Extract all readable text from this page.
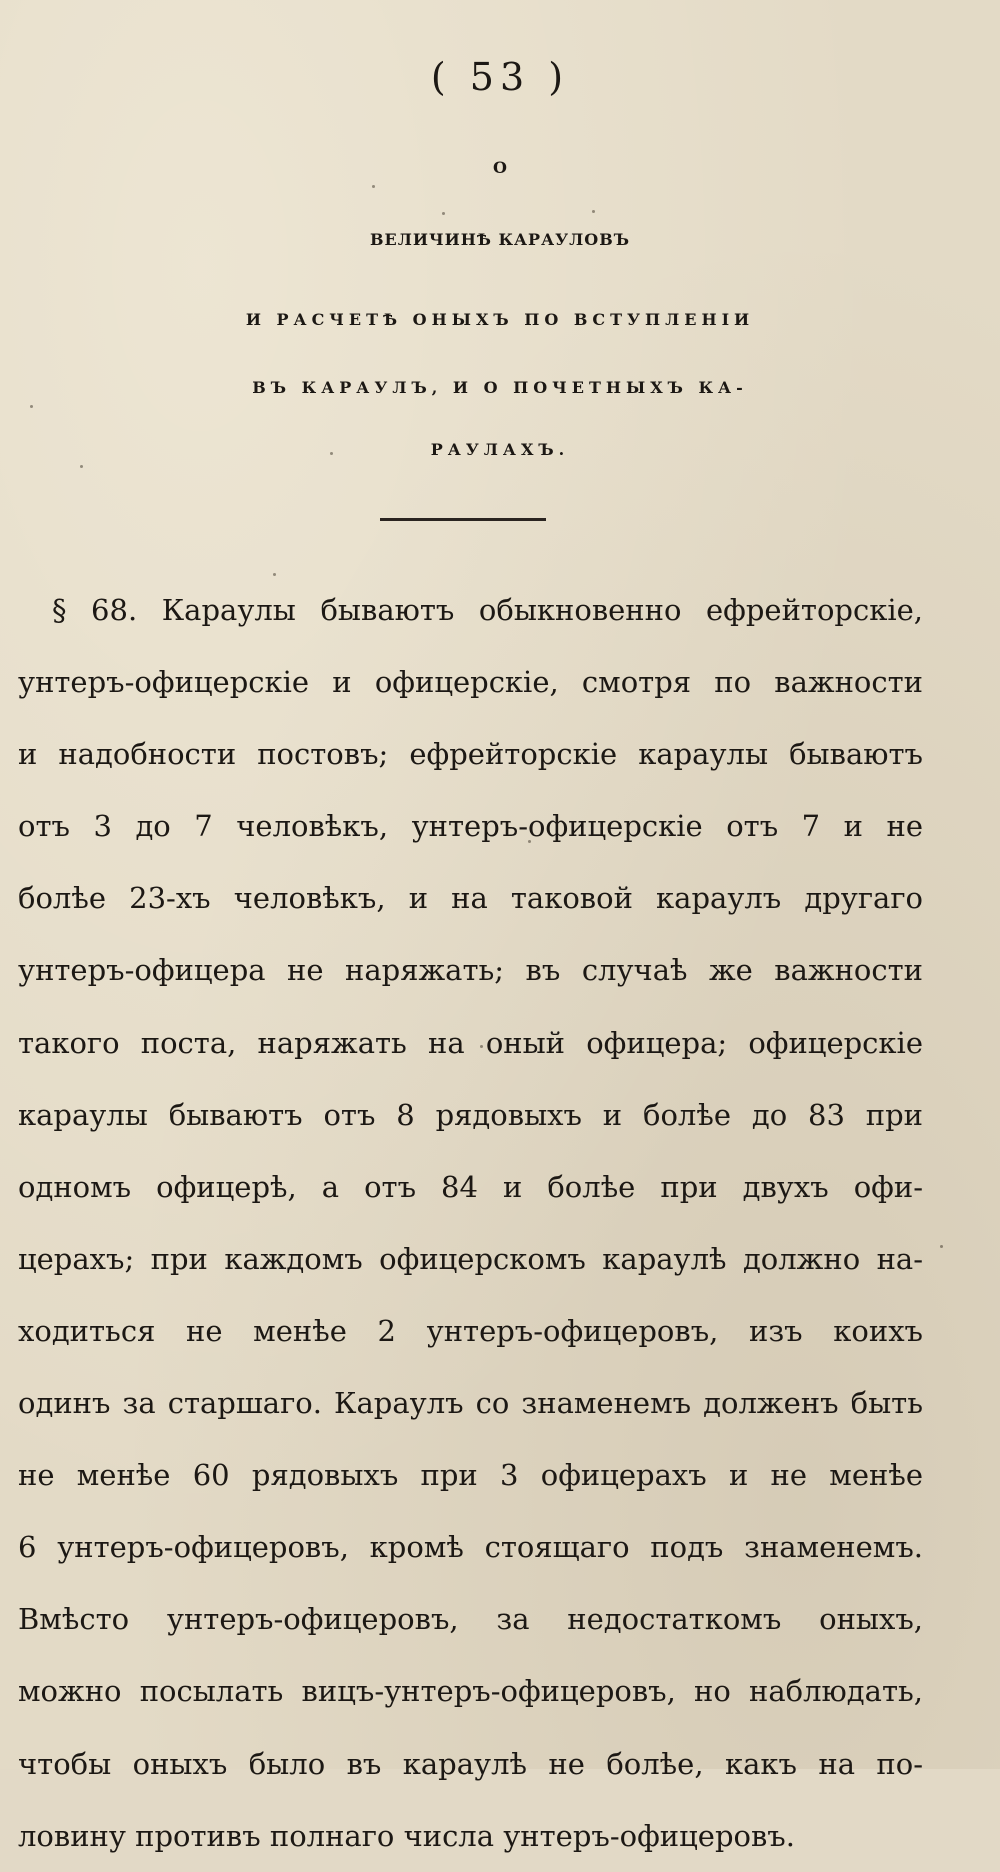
( 53 )
О
ВЕЛИЧИНѢ КАРАУЛОВЪ
И РАСЧЕТѢ ОНЫХЪ ПО ВСТУПЛЕНІИ
ВЪ КАРАУЛЪ, И О ПОЧЕТНЫХЪ КА-
РАУЛАХЪ.
§ 68. Караулы бываютъ обыкновенно ефрейторскіе,
унтеръ-офицерскіе и офицерскіе, смотря по важности
и надобности постовъ; ефрейторскіе караулы бываютъ
отъ 3 до 7 человѣкъ, унтеръ-офицерскіе отъ 7 и не
болѣе 23-хъ человѣкъ, и на таковой караулъ другаго
унтеръ-офицера не наряжать; въ случаѣ же важности
такого поста, наряжать на оный офицера; офицерскіе
караулы бываютъ отъ 8 рядовыхъ и болѣе до 83 при
одномъ офицерѣ, а отъ 84 и болѣе при двухъ офи-
церахъ; при каждомъ офицерскомъ караулѣ должно на-
ходиться не менѣе 2 унтеръ-офицеровъ, изъ коихъ
одинъ за старшаго. Караулъ со знаменемъ долженъ быть
не менѣе 60 рядовыхъ при 3 офицерахъ и не менѣе
6 унтеръ-офицеровъ, кромѣ стоящаго подъ знаменемъ.
Вмѣсто унтеръ-офицеровъ, за недостаткомъ оныхъ,
можно посылать вицъ-унтеръ-офицеровъ, но наблюдать,
чтобы оныхъ было въ караулѣ не болѣе, какъ на по-
ловину противъ полнаго числа унтеръ-офицеровъ.
